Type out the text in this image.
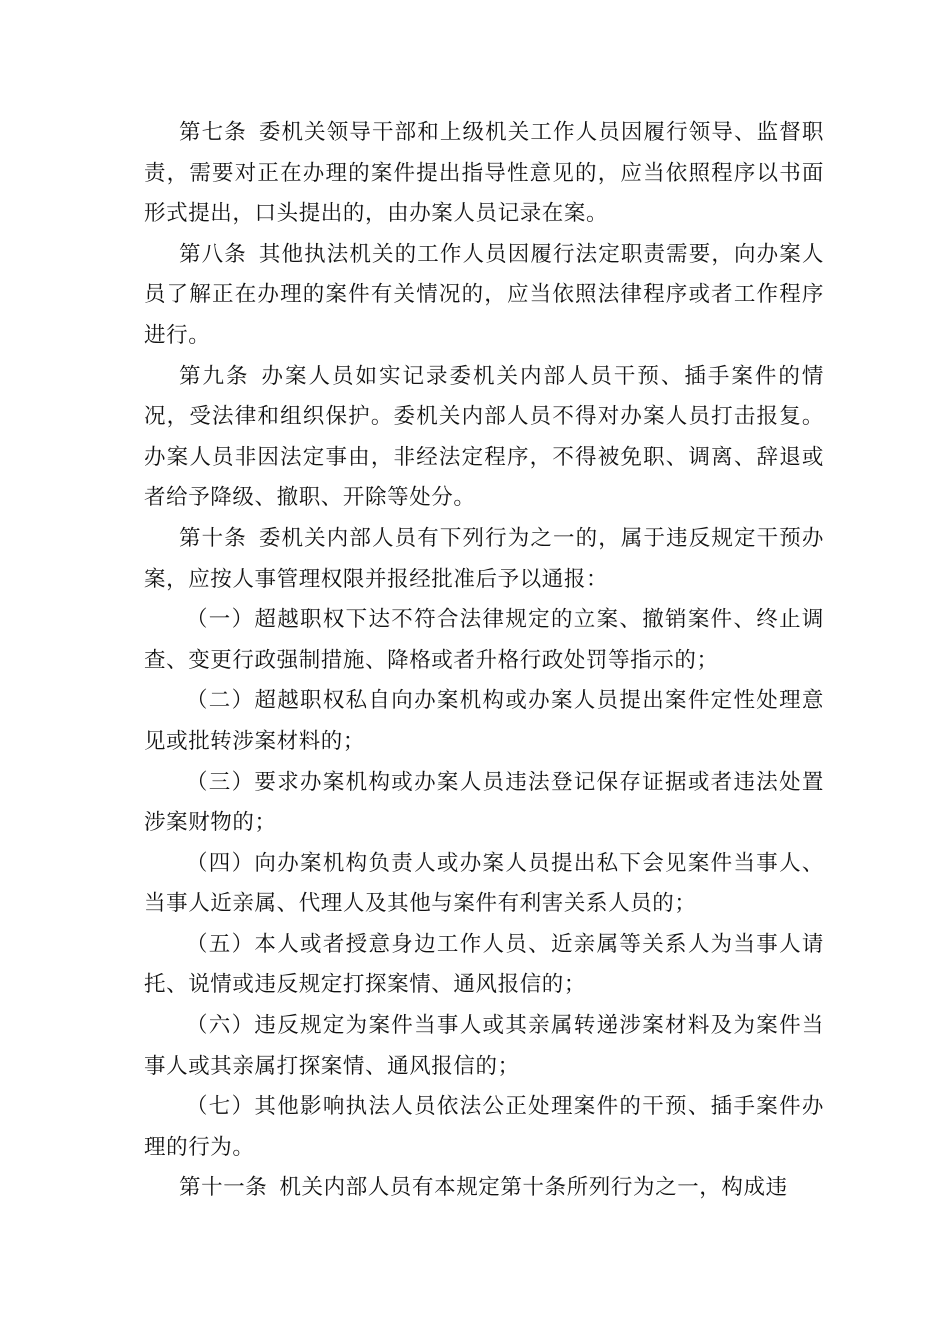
第七条 委机关领导干部和上级机关工作人员因履行领导、监督职责，需要对正在办理的案件提出指导性意见的，应当依照程序以书面形式提出，口头提出的，由办案人员记录在案。

第八条 其他执法机关的工作人员因履行法定职责需要，向办案人员了解正在办理的案件有关情况的，应当依照法律程序或者工作程序进行。

第九条 办案人员如实记录委机关内部人员干预、插手案件的情况，受法律和组织保护。委机关内部人员不得对办案人员打击报复。办案人员非因法定事由，非经法定程序，不得被免职、调离、辞退或者给予降级、撤职、开除等处分。

第十条 委机关内部人员有下列行为之一的，属于违反规定干预办案，应按人事管理权限并报经批准后予以通报：

（一）超越职权下达不符合法律规定的立案、撤销案件、终止调查、变更行政强制措施、降格或者升格行政处罚等指示的；

（二）超越职权私自向办案机构或办案人员提出案件定性处理意见或批转涉案材料的；

（三）要求办案机构或办案人员违法登记保存证据或者违法处置涉案财物的；

（四）向办案机构负责人或办案人员提出私下会见案件当事人、当事人近亲属、代理人及其他与案件有利害关系人员的；

（五）本人或者授意身边工作人员、近亲属等关系人为当事人请托、说情或违反规定打探案情、通风报信的；

（六）违反规定为案件当事人或其亲属转递涉案材料及为案件当事人或其亲属打探案情、通风报信的；

（七）其他影响执法人员依法公正处理案件的干预、插手案件办理的行为。

第十一条 机关内部人员有本规定第十条所列行为之一，构成违
